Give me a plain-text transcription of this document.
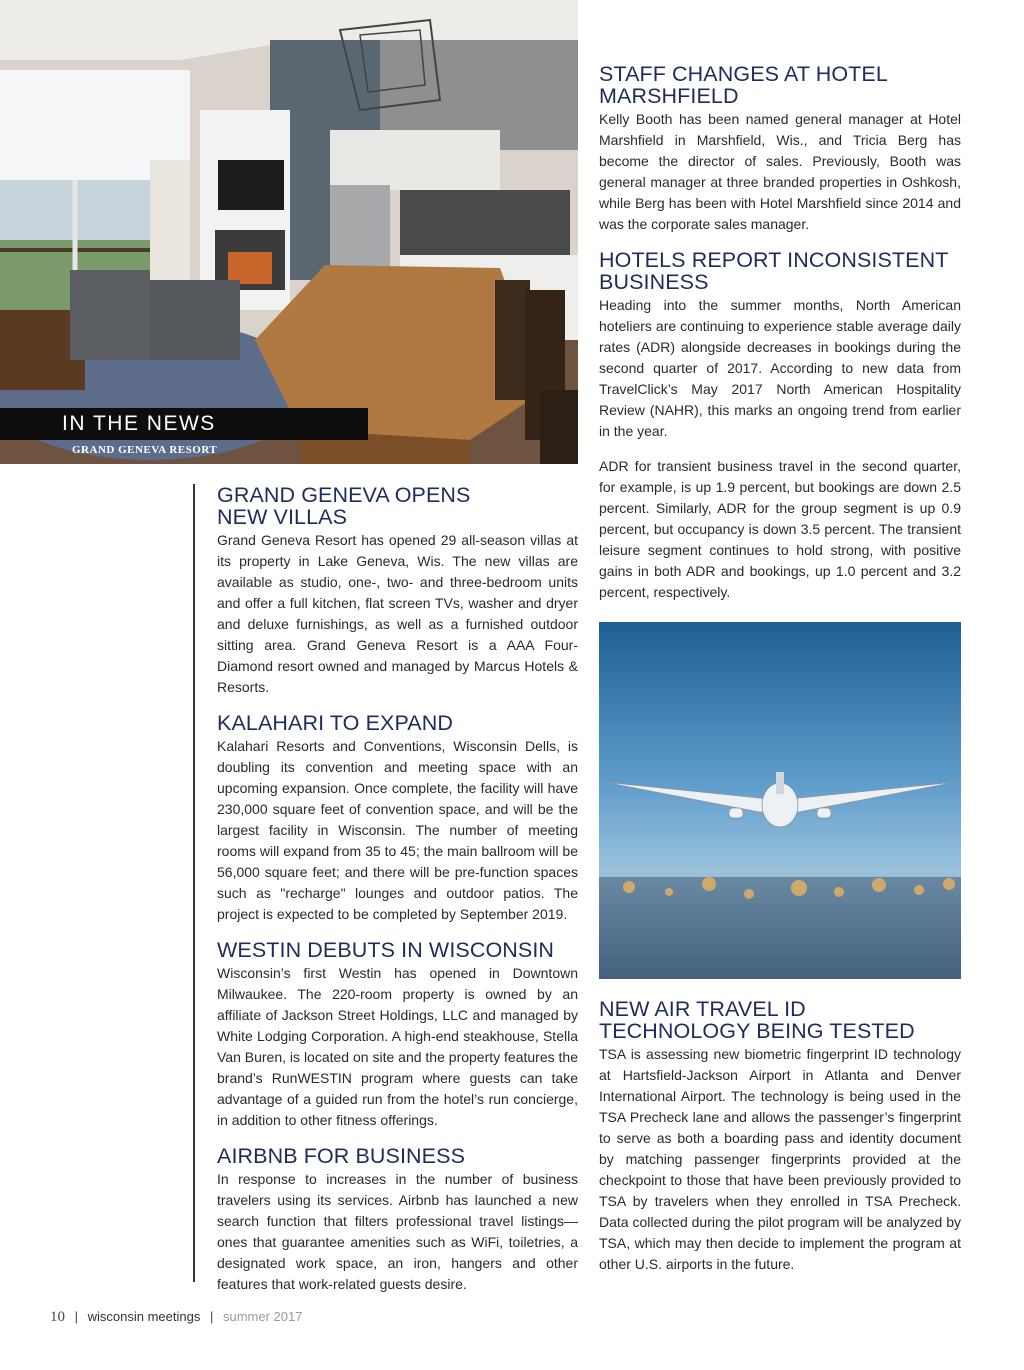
IN THE NEWS
GRAND GENEVA RESORT
GRAND GENEVA OPENS NEW VILLAS

Grand Geneva Resort has opened 29 all-season villas at its property in Lake Geneva, Wis. The new villas are available as studio, one-, two- and three-bedroom units and offer a full kitchen, flat screen TVs, washer and dryer and deluxe furnishings, as well as a furnished outdoor sitting area. Grand Geneva Resort is a AAA Four-Diamond resort owned and managed by Marcus Hotels & Resorts.

KALAHARI TO EXPAND

Kalahari Resorts and Conventions, Wisconsin Dells, is doubling its convention and meeting space with an upcoming expansion. Once complete, the facility will have 230,000 square feet of convention space, and will be the largest facility in Wisconsin. The number of meeting rooms will expand from 35 to 45; the main ballroom will be 56,000 square feet; and there will be pre-function spaces such as "recharge" lounges and outdoor patios. The project is expected to be completed by September 2019.

WESTIN DEBUTS IN WISCONSIN

Wisconsin’s first Westin has opened in Downtown Milwaukee. The 220-room property is owned by an affiliate of Jackson Street Holdings, LLC and managed by White Lodging Corporation. A high-end steakhouse, Stella Van Buren, is located on site and the property features the brand’s RunWESTIN program where guests can take advantage of a guided run from the hotel’s run concierge, in addition to other fitness offerings.

AIRBNB FOR BUSINESS

In response to increases in the number of business travelers using its services. Airbnb has launched a new search function that filters professional travel listings—ones that guarantee amenities such as WiFi, toiletries, a designated work space, an iron, hangers and other features that work-related guests desire.

STAFF CHANGES AT HOTEL MARSHFIELD

Kelly Booth has been named general manager at Hotel Marshfield in Marshfield, Wis., and Tricia Berg has become the director of sales. Previously, Booth was general manager at three branded properties in Oshkosh, while Berg has been with Hotel Marshfield since 2014 and was the corporate sales manager.

HOTELS REPORT INCONSISTENT BUSINESS

Heading into the summer months, North American hoteliers are continuing to experience stable average daily rates (ADR) alongside decreases in bookings during the second quarter of 2017. According to new data from TravelClick’s May 2017 North American Hospitality Review (NAHR), this marks an ongoing trend from earlier in the year.

ADR for transient business travel in the second quarter, for example, is up 1.9 percent, but bookings are down 2.5 percent. Similarly, ADR for the group segment is up 0.9 percent, but occupancy is down 3.5 percent. The transient leisure segment continues to hold strong, with positive gains in both ADR and bookings, up 1.0 percent and 3.2 percent, respectively.

NEW AIR TRAVEL ID TECHNOLOGY BEING TESTED

TSA is assessing new biometric fingerprint ID technology at Hartsfield-Jackson Airport in Atlanta and Denver International Airport. The technology is being used in the TSA Precheck lane and allows the passenger’s fingerprint to serve as both a boarding pass and identity document by matching passenger fingerprints provided at the checkpoint to those that have been previously provided to TSA by travelers when they enrolled in TSA Precheck. Data collected during the pilot program will be analyzed by TSA, which may then decide to implement the program at other U.S. airports in the future.

10 | wisconsin meetings | summer 2017
